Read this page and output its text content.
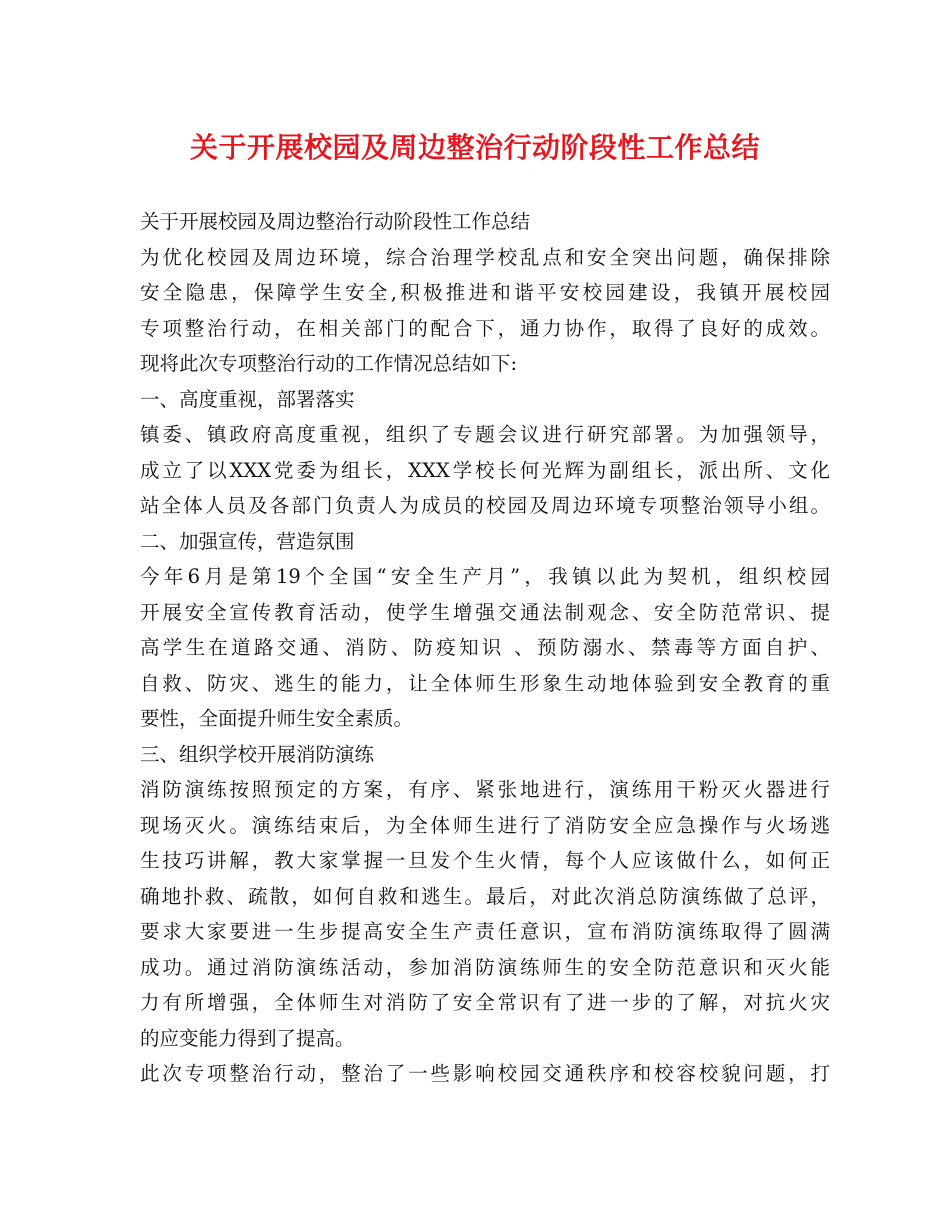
关于开展校园及周边整治行动阶段性工作总结
关于开展校园及周边整治行动阶段性工作总结
为优化校园及周边环境，综合治理学校乱点和安全突出问题，确保排除
安全隐患，保障学生安全,积极推进和谐平安校园建设，我镇开展校园
专项整治行动，在相关部门的配合下，通力协作，取得了良好的成效。
现将此次专项整治行动的工作情况总结如下:
一、高度重视，部署落实
镇委、镇政府高度重视，组织了专题会议进行研究部署。为加强领导，
成立了以XXX党委为组长，XXX学校长何光辉为副组长，派出所、文化
站全体人员及各部门负责人为成员的校园及周边环境专项整治领导小组。
二、加强宣传，营造氛围
今年6月是第19个全国“安全生产月”，我镇以此为契机，组织校园
开展安全宣传教育活动，使学生增强交通法制观念、安全防范常识、提
高学生在道路交通、消防、防疫知识 、预防溺水、禁毒等方面自护、
自救、防灾、逃生的能力，让全体师生形象生动地体验到安全教育的重
要性，全面提升师生安全素质。
三、组织学校开展消防演练
消防演练按照预定的方案，有序、紧张地进行，演练用干粉灭火器进行
现场灭火。演练结束后，为全体师生进行了消防安全应急操作与火场逃
生技巧讲解，教大家掌握一旦发个生火情，每个人应该做什么，如何正
确地扑救、疏散，如何自救和逃生。最后，对此次消总防演练做了总评，
要求大家要进一生步提高安全生产责任意识，宣布消防演练取得了圆满
成功。通过消防演练活动，参加消防演练师生的安全防范意识和灭火能
力有所增强，全体师生对消防了安全常识有了进一步的了解，对抗火灾
的应变能力得到了提高。
此次专项整治行动，整治了一些影响校园交通秩序和校容校貌问题，打
